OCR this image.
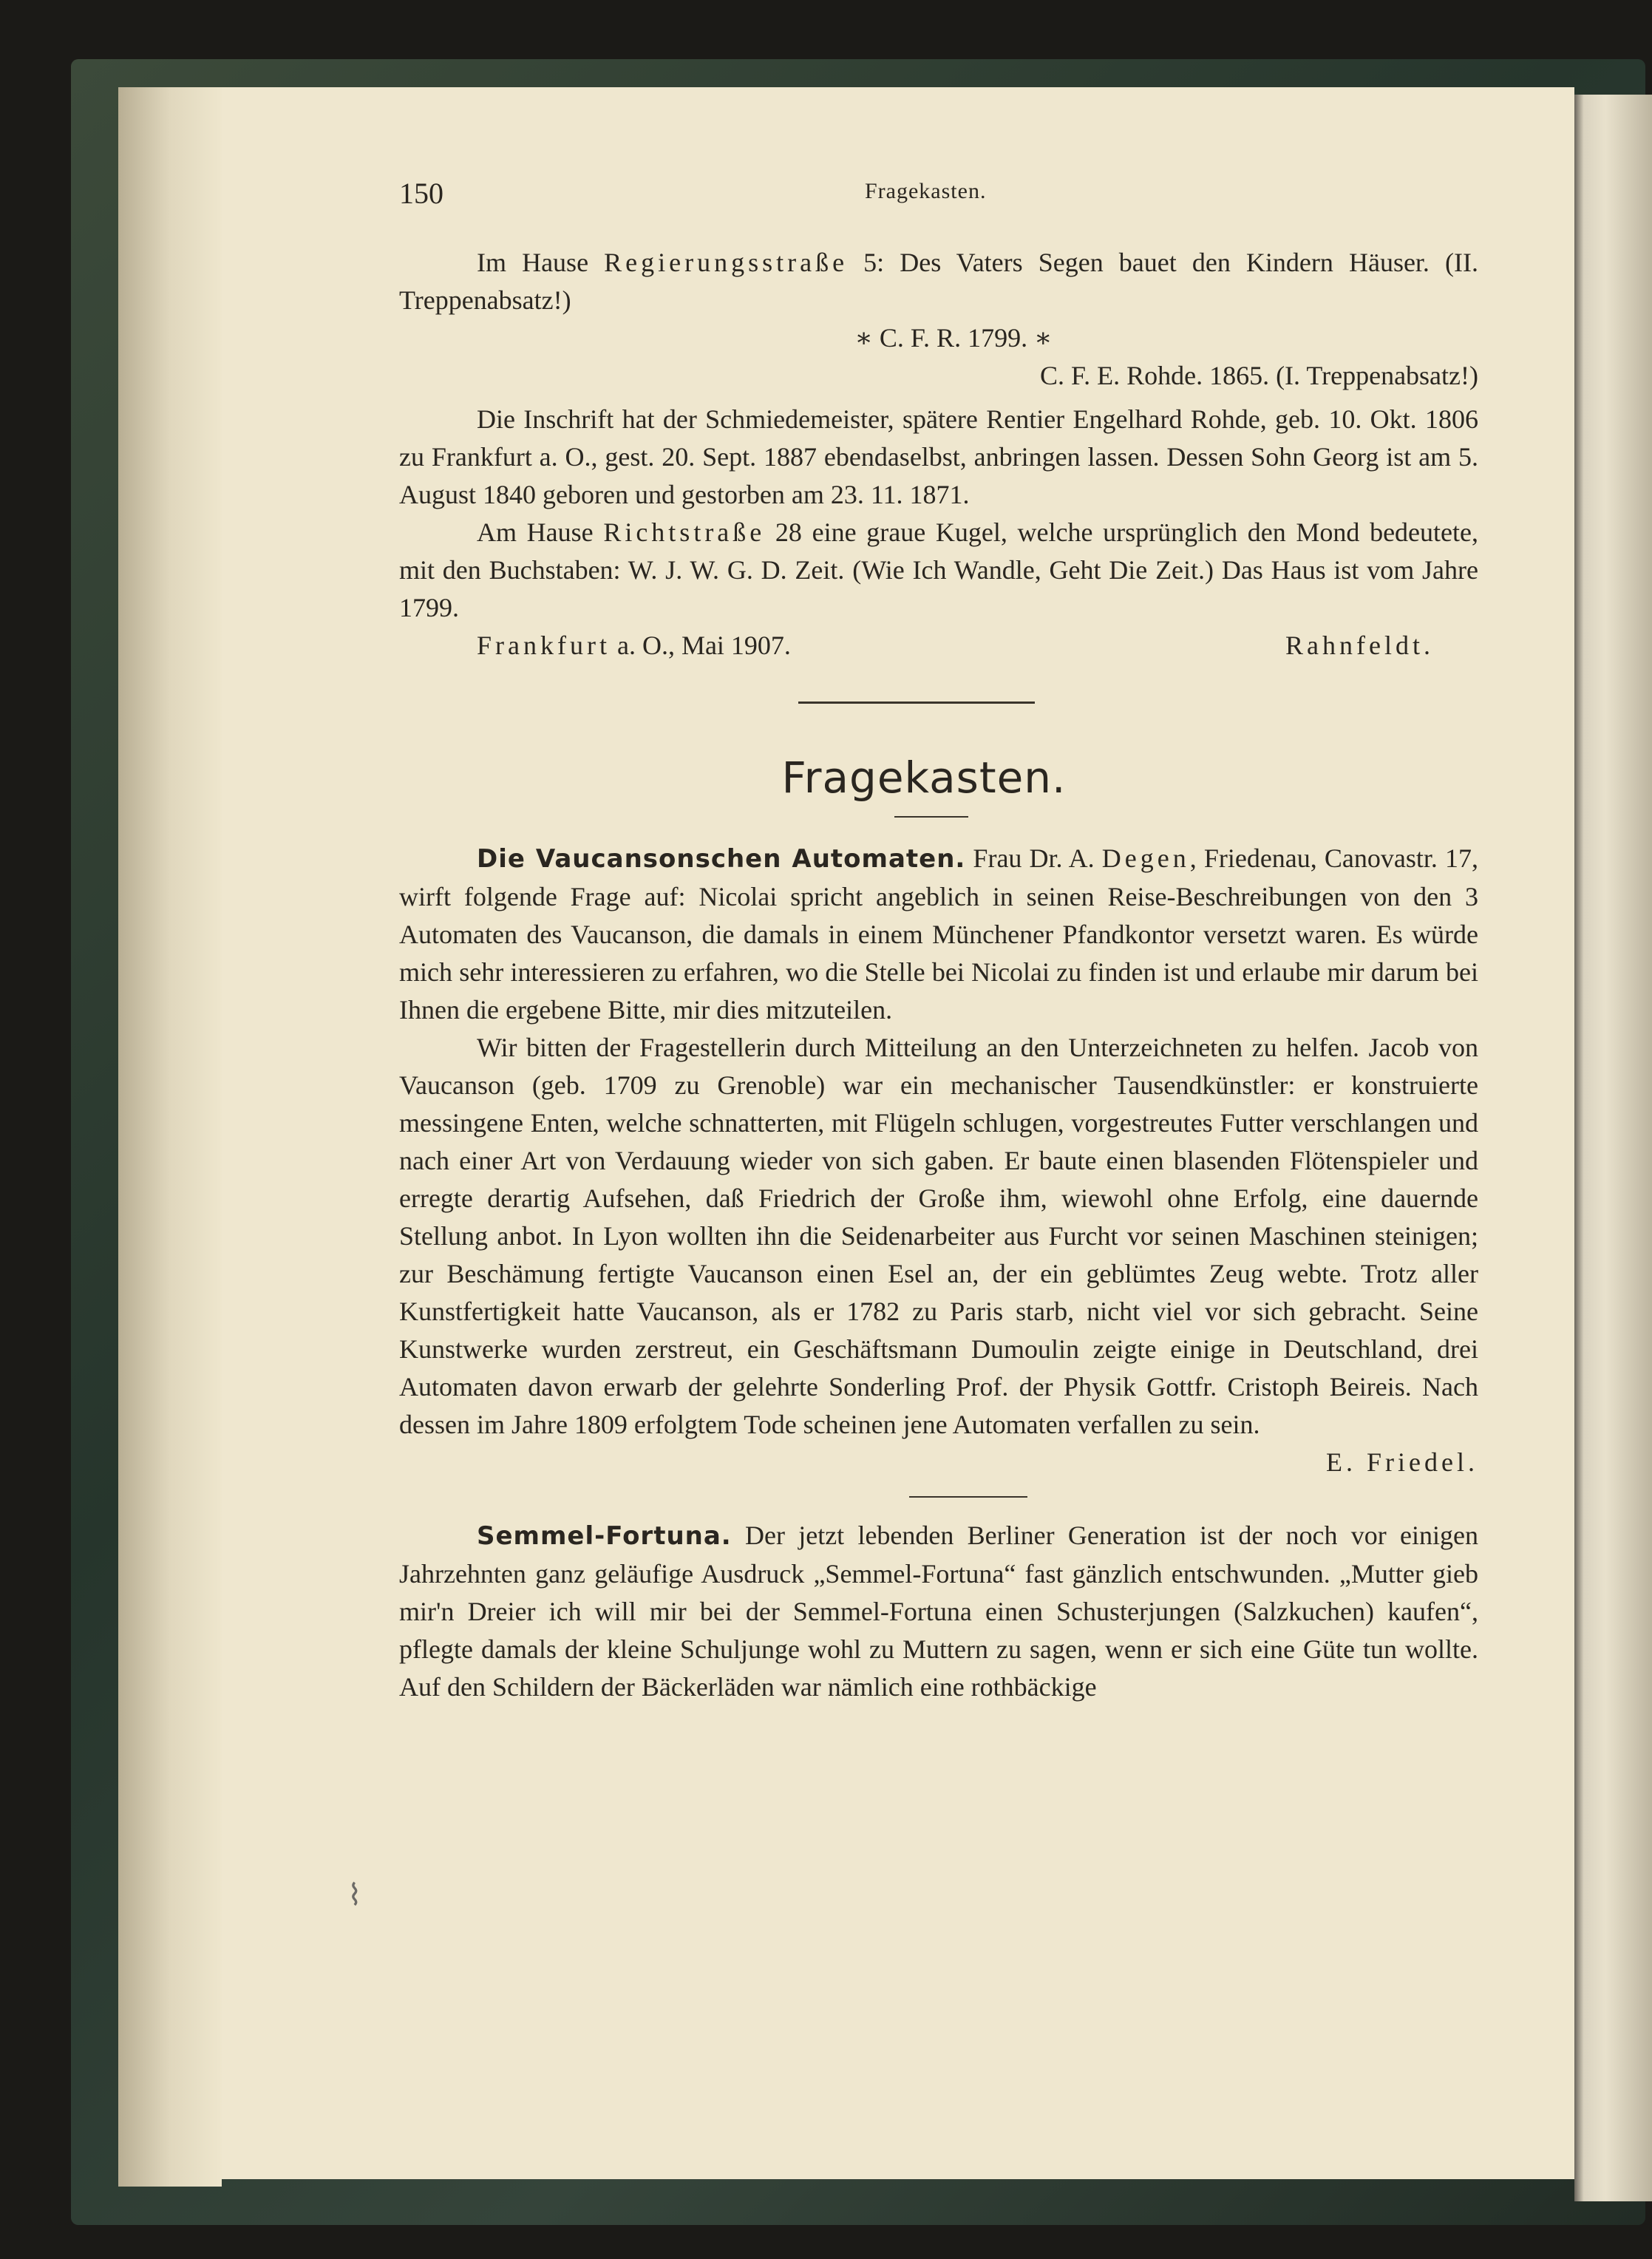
150	Fragekasten.

Im Hause Regierungsstraße 5: Des Vaters Segen bauet den Kindern Häuser. (II. Treppenabsatz!)

∗ C. F. R. 1799. ∗

C. F. E. Rohde. 1865. (I. Treppenabsatz!)

Die Inschrift hat der Schmiedemeister, spätere Rentier Engelhard Rohde, geb. 10. Okt. 1806 zu Frankfurt a. O., gest. 20. Sept. 1887 ebendaselbst, anbringen lassen. Dessen Sohn Georg ist am 5. August 1840 geboren und gestorben am 23. 11. 1871.

Am Hause Richtstraße 28 eine graue Kugel, welche ursprünglich den Mond bedeutete, mit den Buchstaben: W. J. W. G. D. Zeit. (Wie Ich Wandle, Geht Die Zeit.) Das Haus ist vom Jahre 1799.

Frankfurt a. O., Mai 1907.	Rahnfeldt.
Fragekasten.

Die Vaucansonschen Automaten. Frau Dr. A. Degen, Friedenau, Canovastr. 17, wirft folgende Frage auf: Nicolai spricht angeblich in seinen Reise-Beschreibungen von den 3 Automaten des Vaucanson, die damals in einem Münchener Pfandkontor versetzt waren. Es würde mich sehr interessieren zu erfahren, wo die Stelle bei Nicolai zu finden ist und erlaube mir darum bei Ihnen die ergebene Bitte, mir dies mitzuteilen.

Wir bitten der Fragestellerin durch Mitteilung an den Unterzeichneten zu helfen. Jacob von Vaucanson (geb. 1709 zu Grenoble) war ein mechanischer Tausendkünstler: er konstruierte messingene Enten, welche schnatterten, mit Flügeln schlugen, vorgestreutes Futter verschlangen und nach einer Art von Verdauung wieder von sich gaben. Er baute einen blasenden Flötenspieler und erregte derartig Aufsehen, daß Friedrich der Große ihm, wiewohl ohne Erfolg, eine dauernde Stellung anbot. In Lyon wollten ihn die Seidenarbeiter aus Furcht vor seinen Maschinen steinigen; zur Beschämung fertigte Vaucanson einen Esel an, der ein geblümtes Zeug webte. Trotz aller Kunstfertigkeit hatte Vaucanson, als er 1782 zu Paris starb, nicht viel vor sich gebracht. Seine Kunstwerke wurden zerstreut, ein Geschäftsmann Dumoulin zeigte einige in Deutschland, drei Automaten davon erwarb der gelehrte Sonderling Prof. der Physik Gottfr. Cristoph Beireis. Nach dessen im Jahre 1809 erfolgtem Tode scheinen jene Automaten verfallen zu sein.

E. Friedel.

Semmel-Fortuna. Der jetzt lebenden Berliner Generation ist der noch vor einigen Jahrzehnten ganz geläufige Ausdruck „Semmel-Fortuna“ fast gänzlich entschwunden. „Mutter gieb mir'n Dreier ich will mir bei der Semmel-Fortuna einen Schusterjungen (Salzkuchen) kaufen“, pflegte damals der kleine Schuljunge wohl zu Muttern zu sagen, wenn er sich eine Güte tun wollte. Auf den Schildern der Bäckerläden war nämlich eine rothbäckige

⌇
